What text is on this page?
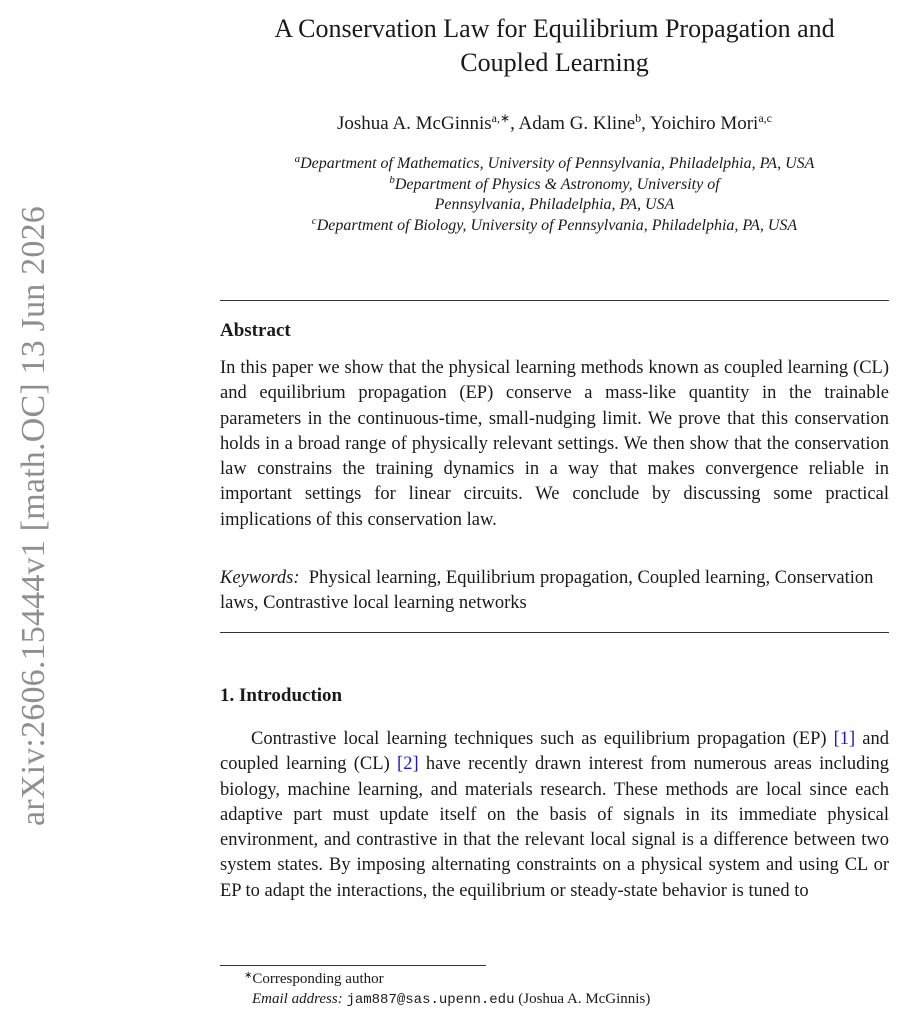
arXiv:2606.15444v1 [math.OC] 13 Jun 2026
A Conservation Law for Equilibrium Propagation and
Coupled Learning
Joshua A. McGinnis$^{a,∗}$, Adam G. Kline$^b$, Yoichiro Mori$^{a,c}$
$^a$Department of Mathematics, University of Pennsylvania, Philadelphia, PA, USA
$^b$Department of Physics & Astronomy, University of
Pennsylvania, Philadelphia, PA, USA
$^c$Department of Biology, University of Pennsylvania, Philadelphia, PA, USA
Abstract
In this paper we show that the physical learning methods known as coupled learning (CL) and equilibrium propagation (EP) conserve a mass-like quantity in the trainable parameters in the continuous-time, small-nudging limit. We prove that this conservation holds in a broad range of physically relevant settings. We then show that the conservation law constrains the training dynamics in a way that makes convergence reliable in important settings for linear circuits. We conclude by discussing some practical implications of this conservation law.
Keywords: Physical learning, Equilibrium propagation, Coupled learning, Conservation laws, Contrastive local learning networks
1. Introduction
Contrastive local learning techniques such as equilibrium propagation (EP) [1] and coupled learning (CL) [2] have recently drawn interest from numerous areas including biology, machine learning, and materials research. These methods are local since each adaptive part must update itself on the basis of signals in its immediate physical environment, and contrastive in that the relevant local signal is a difference between two system states. By imposing alternating constraints on a physical system and using CL or EP to adapt the interactions, the equilibrium or steady-state behavior is tuned to
∗Corresponding author
Email address: jam887@sas.upenn.edu (Joshua A. McGinnis)
